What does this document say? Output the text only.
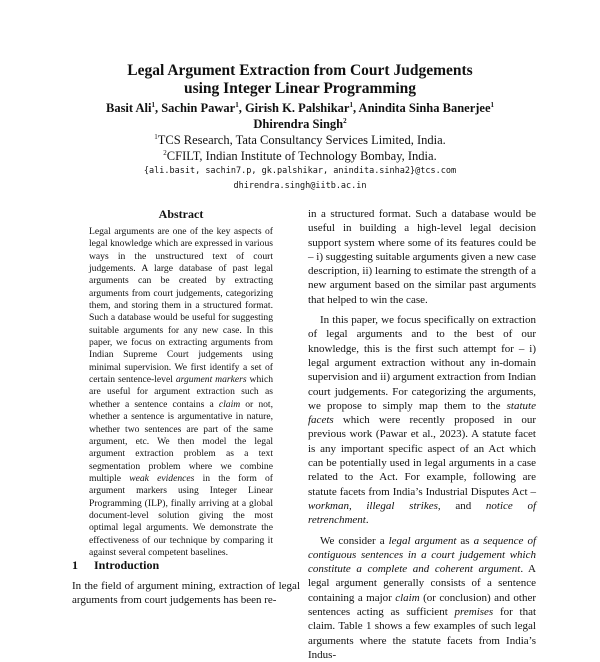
Legal Argument Extraction from Court Judgements
using Integer Linear Programming
Basit Ali$^1$, Sachin Pawar$^1$, Girish K. Palshikar$^1$, Anindita Sinha Banerjee$^1$
Dhirendra Singh$^2$
$^1$TCS Research, Tata Consultancy Services Limited, India.
$^2$CFILT, Indian Institute of Technology Bombay, India.
{ali.basit, sachin7.p, gk.palshikar, anindita.sinha2}@tcs.com
dhirendra.singh@iitb.ac.in
Abstract

Legal arguments are one of the key aspects of legal knowledge which are expressed in various ways in the unstructured text of court judgements. A large database of past legal arguments can be created by extracting arguments from court judgements, categorizing them, and storing them in a structured format. Such a database would be useful for suggesting suitable arguments for any new case. In this paper, we focus on extracting arguments from Indian Supreme Court judgements using minimal supervision. We first identify a set of certain sentence-level argument markers which are useful for argument extraction such as whether a sentence contains a claim or not, whether a sentence is argumentative in nature, whether two sentences are part of the same argument, etc. We then model the legal argument extraction problem as a text segmentation problem where we combine multiple weak evidences in the form of argument markers using Integer Linear Programming (ILP), finally arriving at a global document-level solution giving the most optimal legal arguments. We demonstrate the effectiveness of our technique by comparing it against several competent baselines.

1 Introduction

In the field of argument mining, extraction of legal arguments from court judgements has been re-

in a structured format. Such a database would be useful in building a high-level legal decision support system where some of its features could be – i) suggesting suitable arguments given a new case description, ii) learning to estimate the strength of a new argument based on the similar past arguments that helped to win the case.

In this paper, we focus specifically on extraction of legal arguments and to the best of our knowledge, this is the first such attempt for – i) legal argument extraction without any in-domain supervision and ii) argument extraction from Indian court judgements. For categorizing the arguments, we propose to simply map them to the statute facets which were recently proposed in our previous work (Pawar et al., 2023). A statute facet is any important specific aspect of an Act which can be potentially used in legal arguments in a case related to the Act. For example, following are statute facets from India’s Industrial Disputes Act – workman, illegal strikes, and notice of retrenchment.

We consider a legal argument as a sequence of contiguous sentences in a court judgement which constitute a complete and coherent argument. A legal argument generally consists of a sentence containing a major claim (or conclusion) and other sentences acting as sufficient premises for that claim. Table 1 shows a few examples of such legal arguments where the statute facets from India’s Indus-
